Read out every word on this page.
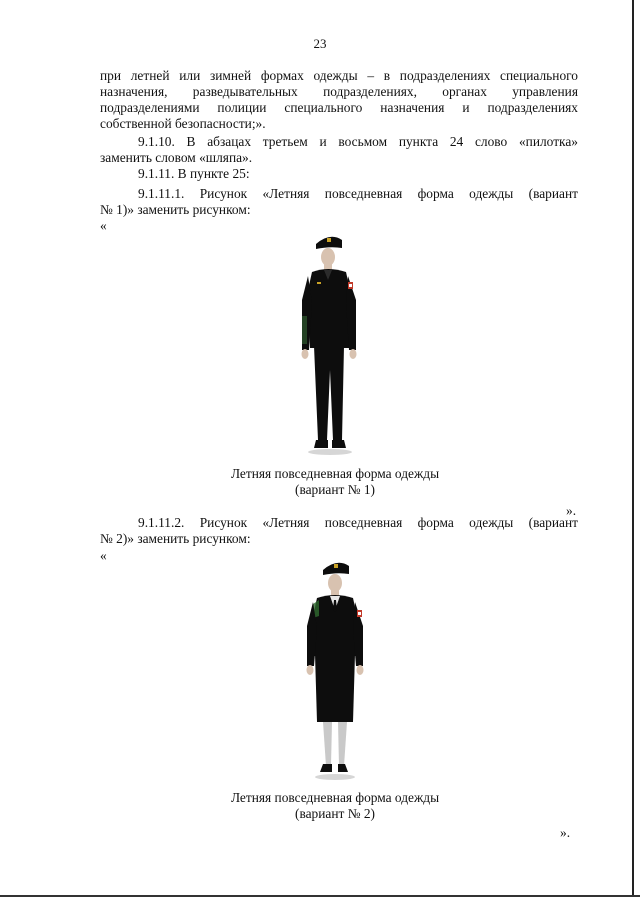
23
при летней или зимней формах одежды – в подразделениях специального
назначения, разведывательных подразделениях, органах управления
подразделениями полиции специального назначения и подразделениях
собственной безопасности;».
9.1.10. В абзацах третьем и восьмом пункта 24 слово «пилотка»
заменить словом «шляпа».
9.1.11. В пункте 25:
9.1.11.1. Рисунок «Летняя повседневная форма одежды (вариант
№ 1)» заменить рисунком:
«
Летняя повседневная форма одежды
(вариант № 1)
».
9.1.11.2. Рисунок «Летняя повседневная форма одежды (вариант
№ 2)» заменить рисунком:
«
Летняя повседневная форма одежды
(вариант № 2)
».
